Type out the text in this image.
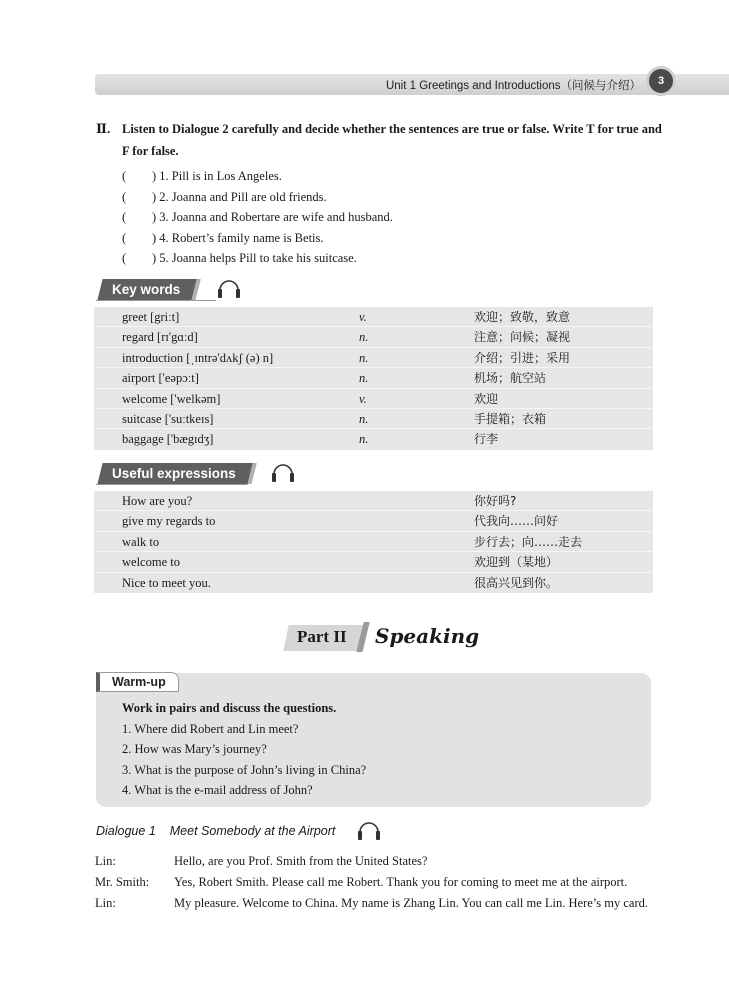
Unit 1 Greetings and Introductions（问候与介绍）	3
Ⅱ. Listen to Dialogue 2 carefully and decide whether the sentences are true or false. Write T for true and F for false.
( ) 1. Pill is in Los Angeles.
( ) 2. Joanna and Pill are old friends.
( ) 3. Joanna and Robertare are wife and husband.
( ) 4. Robert’s family name is Betis.
( ) 5. Joanna helps Pill to take his suitcase.
Key words
greet [griːt]	v.	欢迎；致敬，致意
regard [rɪ'gɑːd]	n.	注意；问候；凝视
introduction [ˌɪntrə'dʌkʃ (ə) n]	n.	介绍；引进；采用
airport ['eəpɔːt]	n.	机场；航空站
welcome ['welkəm]	v.	欢迎
suitcase ['suːtkeɪs]	n.	手提箱；衣箱
baggage ['bægɪdʒ]	n.	行李
Useful expressions
How are you?	你好吗?
give my regards to	代我向……问好
walk to	步行去；向……走去
welcome to	欢迎到（某地）
Nice to meet you.	很高兴见到你。
Part II Speaking
Warm-up
Work in pairs and discuss the questions.
1. Where did Robert and Lin meet?
2. How was Mary’s journey?
3. What is the purpose of John’s living in China?
4. What is the e-mail address of John?
Dialogue 1 Meet Somebody at the Airport
Lin:	Hello, are you Prof. Smith from the United States?
Mr. Smith: Yes, Robert Smith. Please call me Robert. Thank you for coming to meet me at the airport.
Lin:	My pleasure. Welcome to China. My name is Zhang Lin. You can call me Lin. Here’s my card.
